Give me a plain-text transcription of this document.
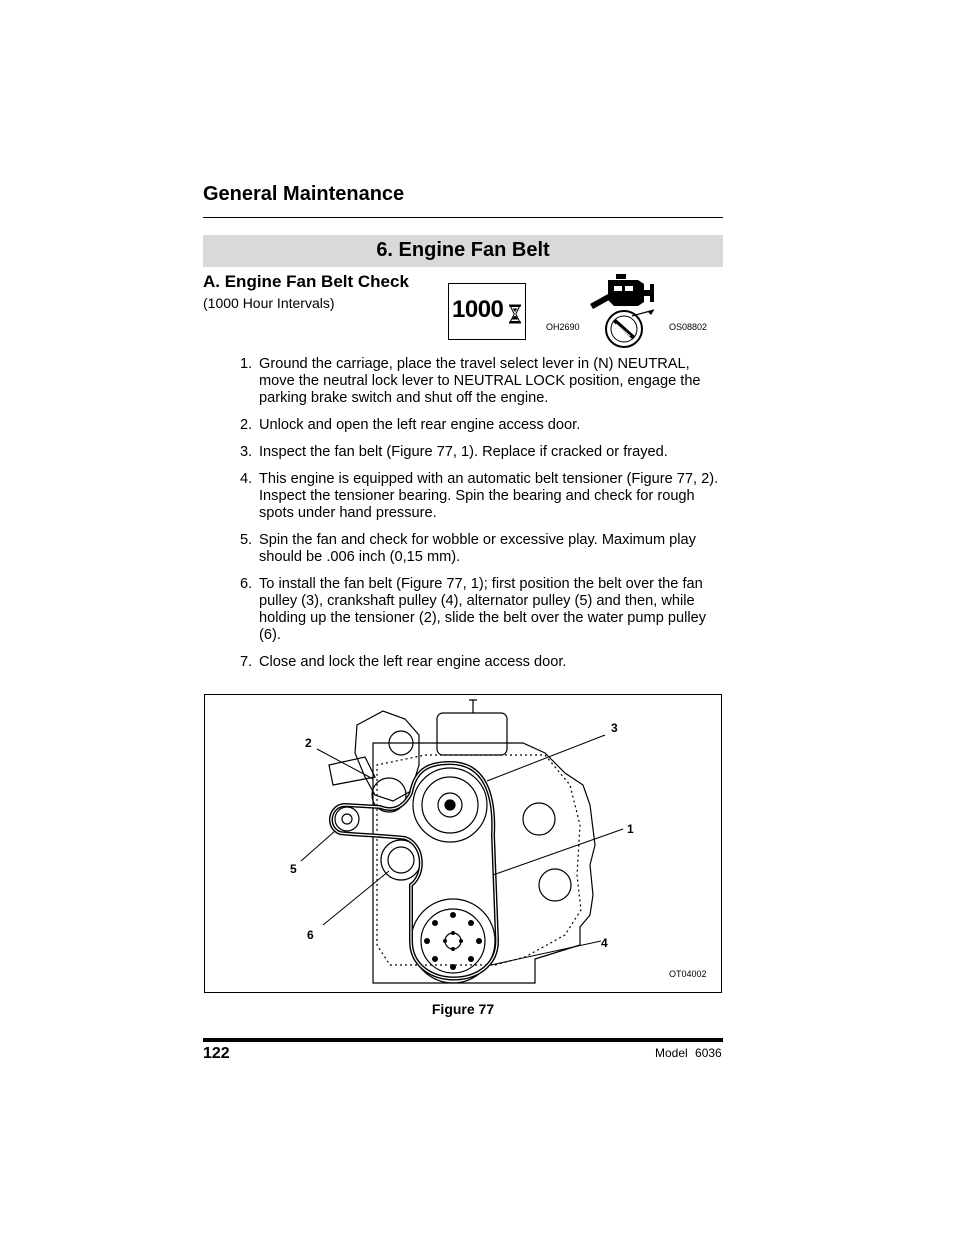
General Maintenance
6. Engine Fan Belt
A. Engine Fan Belt Check
(1000 Hour Intervals)	1000
OH2690	OS08802
1. Ground the carriage, place the travel select lever in (N) NEUTRAL, move the neutral lock lever to NEUTRAL LOCK position, engage the parking brake switch and shut off the engine.
2. Unlock and open the left rear engine access door.
3. Inspect the fan belt (Figure 77, 1). Replace if cracked or frayed.
4. This engine is equipped with an automatic belt tensioner (Figure 77, 2). Inspect the tensioner bearing. Spin the bearing and check for rough spots under hand pressure.
5. Spin the fan and check for wobble or excessive play. Maximum play should be .006 inch (0,15 mm).
6. To install the fan belt (Figure 77, 1); first position the belt over the fan pulley (3), crankshaft pulley (4), alternator pulley (5) and then, while holding up the tensioner (2), slide the belt over the water pump pulley (6).
7. Close and lock the left rear engine access door.
1
2
3
4
5
6
OT04002
Figure 77
122	Model 6036
